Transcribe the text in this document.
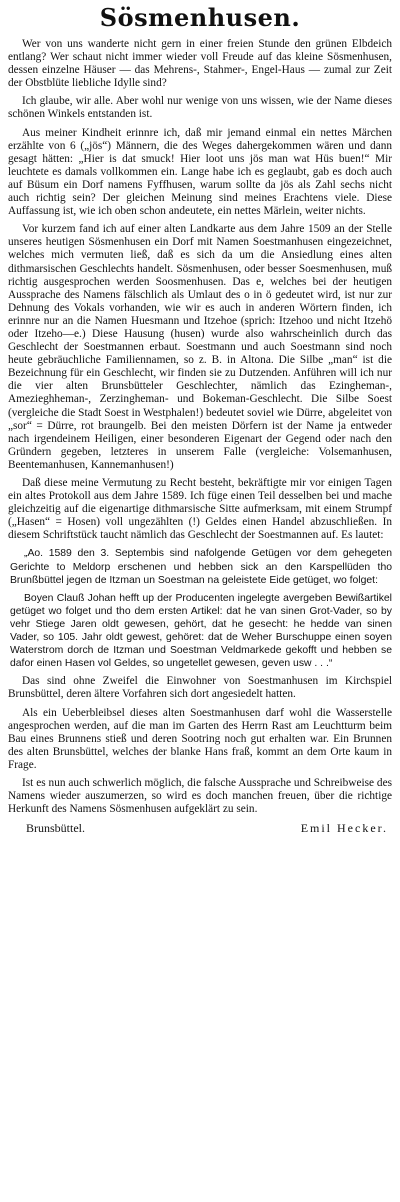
Sösmenhusen.

Wer von uns wanderte nicht gern in einer freien Stunde den grünen Elbdeich entlang? Wer schaut nicht immer wieder voll Freude auf das kleine Sösmenhusen, dessen einzelne Häuser — das Mehrens-, Stahmer-, Engel-Haus — zumal zur Zeit der Obstblüte liebliche Idylle sind?

Ich glaube, wir alle. Aber wohl nur wenige von uns wissen, wie der Name dieses schönen Winkels entstanden ist.

Aus meiner Kindheit erinnre ich, daß mir jemand einmal ein nettes Märchen erzählte von 6 („jös“) Männern, die des Weges dahergekommen wären und dann gesagt hätten: „Hier is dat smuck! Hier loot uns jös man wat Hüs buen!“ Mir leuchtete es damals vollkommen ein. Lange habe ich es geglaubt, gab es doch auch auf Büsum ein Dorf namens Fyffhusen, warum sollte da jös als Zahl sechs nicht auch richtig sein? Der gleichen Meinung sind meines Erachtens viele. Diese Auffassung ist, wie ich oben schon andeutete, ein nettes Märlein, weiter nichts.

Vor kurzem fand ich auf einer alten Landkarte aus dem Jahre 1509 an der Stelle unseres heutigen Sösmenhusen ein Dorf mit Namen Soestmanhusen eingezeichnet, welches mich vermuten ließ, daß es sich da um die Ansiedlung eines alten dithmarsischen Geschlechts handelt. Sösmenhusen, oder besser Soesmenhusen, muß richtig ausgesprochen werden Soosmenhusen. Das e, welches bei der heutigen Aussprache des Namens fälschlich als Umlaut des o in ö gedeutet wird, ist nur zur Dehnung des Vokals vorhanden, wie wir es auch in anderen Wörtern finden, ich erinnre nur an die Namen Huesmann und Itzehoe (sprich: Itzehoo und nicht Itzehö oder Itzeho—e.) Diese Hausung (husen) wurde also wahrscheinlich durch das Geschlecht der Soestmannen erbaut. Soestmann und auch Soestmann sind noch heute gebräuchliche Familiennamen, so z. B. in Altona. Die Silbe „man“ ist die Bezeichnung für ein Geschlecht, wir finden sie zu Dutzenden. Anführen will ich nur die vier alten Brunsbütteler Geschlechter, nämlich das Ezingheman-, Amezieghheman-, Zerzingheman- und Bokeman-Geschlecht. Die Silbe Soest (vergleiche die Stadt Soest in Westphalen!) bedeutet soviel wie Dürre, abgeleitet von „sor“ = Dürre, rot braungelb. Bei den meisten Dörfern ist der Name ja entweder nach irgendeinem Heiligen, einer besonderen Eigenart der Gegend oder nach den Gründern gegeben, letzteres in unserem Falle (vergleiche: Volsemanhusen, Beentemanhusen, Kannemanhusen!)

Daß diese meine Vermutung zu Recht besteht, bekräftigte mir vor einigen Tagen ein altes Protokoll aus dem Jahre 1589. Ich füge einen Teil desselben bei und mache gleichzeitig auf die eigenartige dithmarsische Sitte aufmerksam, mit einem Strumpf („Hasen“ = Hosen) voll ungezählten (!) Geldes einen Handel abzuschließen. In diesem Schriftstück taucht nämlich das Geschlecht der Soestmannen auf. Es lautet:

„Ao. 1589 den 3. Septembis sind nafolgende Getügen vor dem gehegeten Gerichte to Meldorp erschenen und hebben sick an den Karspellüden tho Brunßbüttel jegen de Itzman un Soestman na geleistete Eide getüget, wo folget:

Boyen Clauß Johan hefft up der Producenten ingelegte avergeben Bewißartikel getüget wo folget und tho dem ersten Artikel: dat he van sinen Grot-Vader, so by vehr Stiege Jaren oldt gewesen, gehört, dat he gesecht: he hedde van sinen Vader, so 105. Jahr oldt gewest, gehöret: dat de Weher Burschuppe einen soyen Waterstrom dorch de Itzman und Soestman Veldmarkede gekofft und hebben se dafor einen Hasen vol Geldes, so ungetellet gewesen, geven usw . . .“

Das sind ohne Zweifel die Einwohner von Soestmanhusen im Kirchspiel Brunsbüttel, deren ältere Vorfahren sich dort angesiedelt hatten.

Als ein Ueberbleibsel dieses alten Soestmanhusen darf wohl die Wasserstelle angesprochen werden, auf die man im Garten des Herrn Rast am Leuchtturm beim Bau eines Brunnens stieß und deren Sootring noch gut erhalten war. Ein Brunnen des alten Brunsbüttel, welches der blanke Hans fraß, kommt an dem Orte kaum in Frage.

Ist es nun auch schwerlich möglich, die falsche Aussprache und Schreibweise des Namens wieder auszumerzen, so wird es doch manchen freuen, über die richtige Herkunft des Namens Sösmenhusen aufgeklärt zu sein.

Brunsbüttel.	Emil Hecker.
